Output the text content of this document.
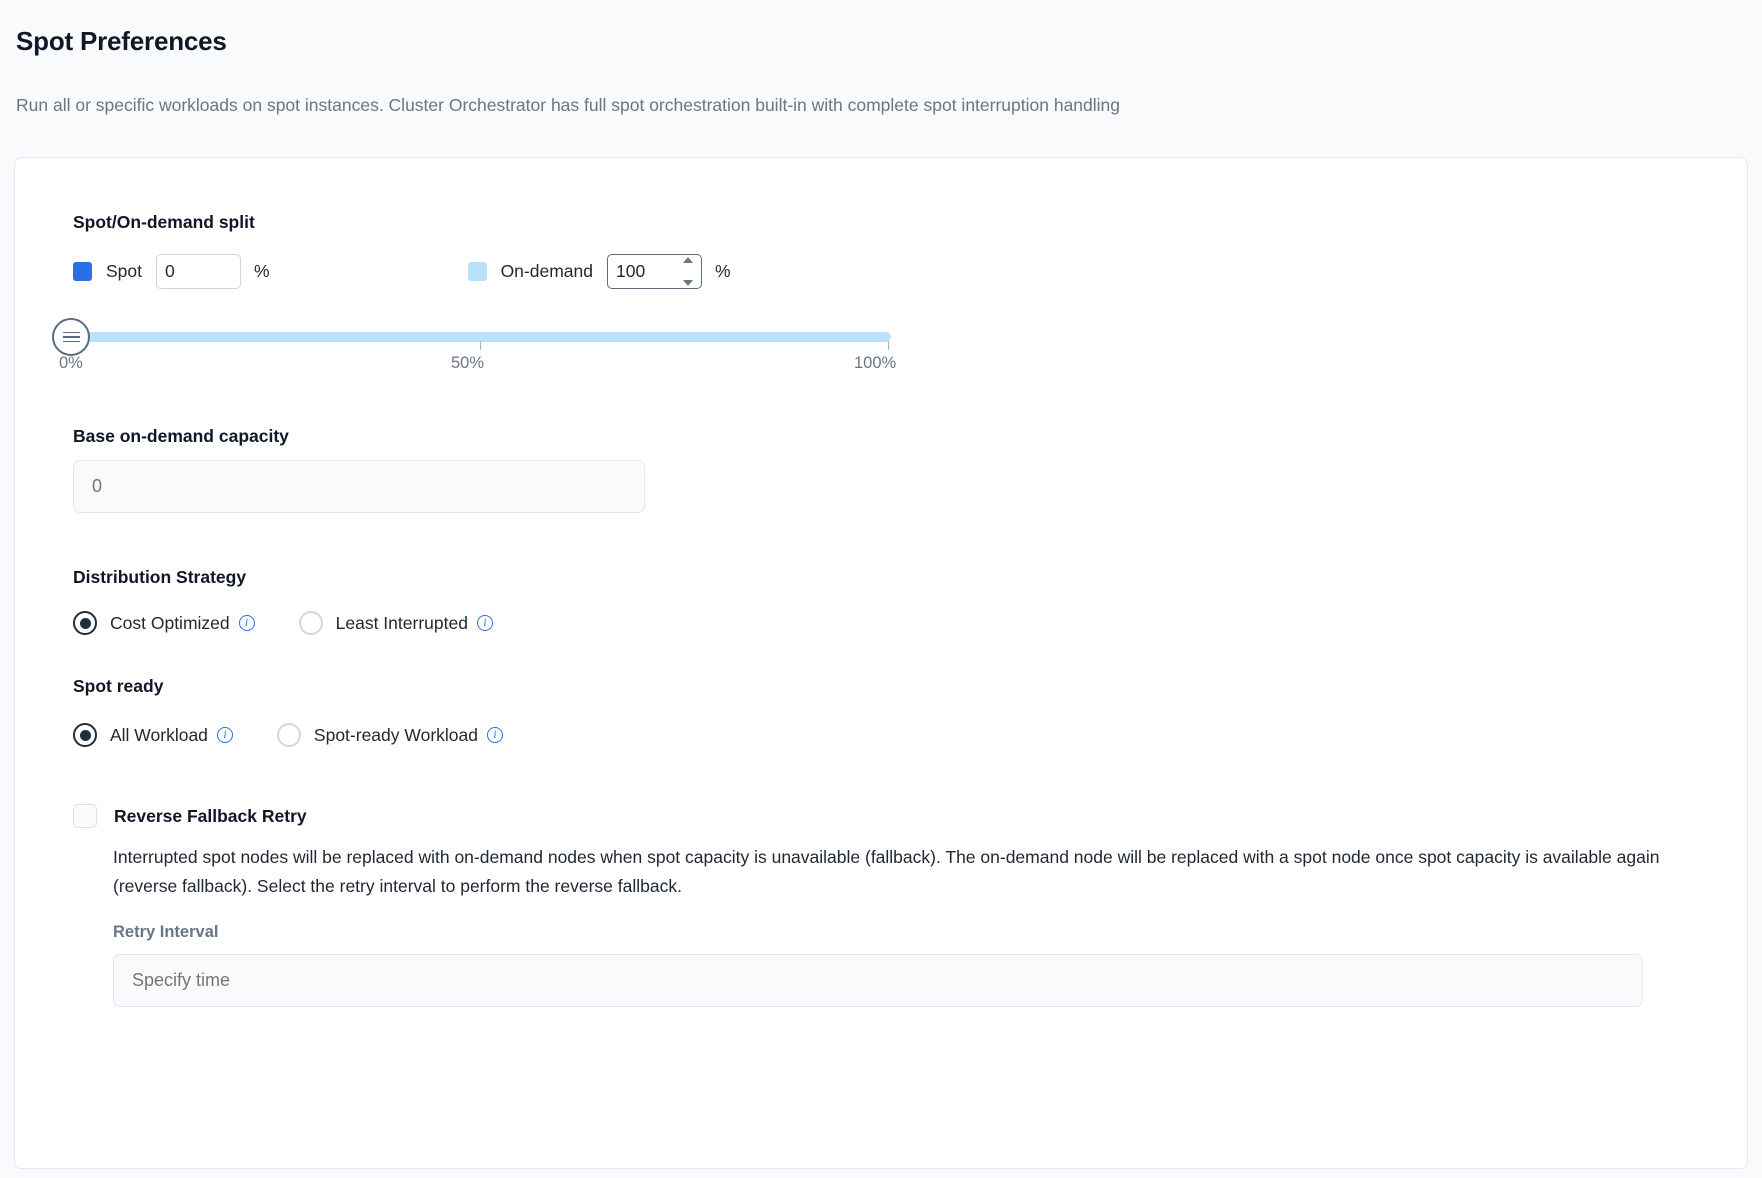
Spot Preferences
Run all or specific workloads on spot instances. Cluster Orchestrator has full spot orchestration built-in with complete spot interruption handling
Spot/On-demand split
Spot
0	%	On-demand
100	%
0%	50%	100%
Base on-demand capacity
0
Distribution Strategy
Cost Optimized	i	Least Interrupted	i
Spot ready
All Workload	i	Spot-ready Workload	i
Reverse Fallback Retry
Interrupted spot nodes will be replaced with on-demand nodes when spot capacity is unavailable (fallback). The on-demand node will be replaced with a spot node once spot capacity is available again (reverse fallback). Select the retry interval to perform the reverse fallback.
Retry Interval
Specify time
